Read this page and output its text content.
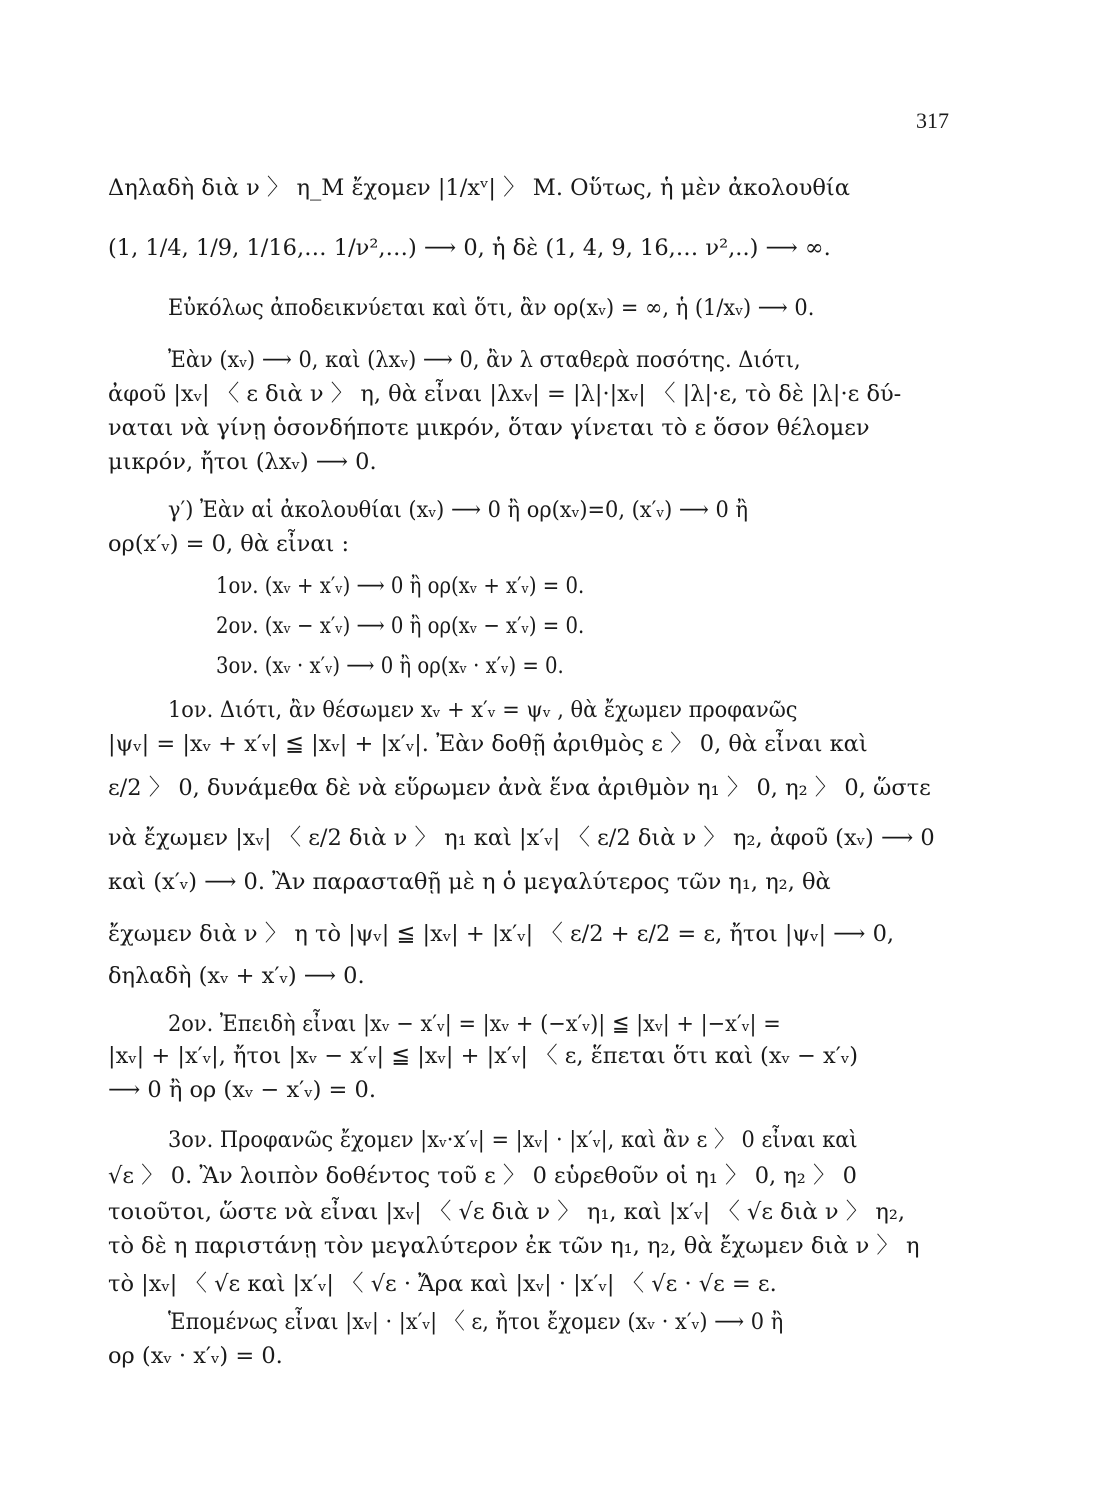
317
Δηλαδὴ διὰ ν 〉 η_M ἔχομεν |1/xᵛ| 〉 Μ. Οὕτως, ἡ μὲν ἀκολουθία
(1, 1/4, 1/9, 1/16,… 1/ν²,…) ⟶ 0, ἡ δὲ (1, 4, 9, 16,… ν²,..) ⟶ ∞.
Εὐκόλως ἀποδεικνύεται καὶ ὅτι, ἂν ορ(xᵥ) = ∞, ἡ (1/xᵥ) ⟶ 0.
Ἐὰν (xᵥ) ⟶ 0, καὶ (λxᵥ) ⟶ 0, ἂν λ σταθερὰ ποσότης. Διότι,
ἀφοῦ |xᵥ| 〈 ε διὰ ν 〉 η, θὰ εἶναι |λxᵥ| = |λ|·|xᵥ| 〈 |λ|·ε, τὸ δὲ |λ|·ε δύ-
ναται νὰ γίνῃ ὁσονδήποτε μικρόν, ὅταν γίνεται τὸ ε ὅσον θέλομεν
μικρόν, ἤτοι (λxᵥ) ⟶ 0.
γ′) Ἐὰν αἱ ἀκολουθίαι (xᵥ) ⟶ 0 ἢ ορ(xᵥ)=0, (x′ᵥ) ⟶ 0 ἢ
ορ(x′ᵥ) = 0, θὰ εἶναι :
1ον. (xᵥ + x′ᵥ) ⟶ 0 ἢ ορ(xᵥ + x′ᵥ) = 0.
2ον. (xᵥ − x′ᵥ) ⟶ 0 ἢ ορ(xᵥ − x′ᵥ) = 0.
3ον. (xᵥ · x′ᵥ) ⟶ 0 ἢ ορ(xᵥ · x′ᵥ) = 0.
1ον. Διότι, ἂν θέσωμεν xᵥ + x′ᵥ = ψᵥ , θὰ ἔχωμεν προφανῶς
|ψᵥ| = |xᵥ + x′ᵥ| ≦ |xᵥ| + |x′ᵥ|. Ἐὰν δοθῇ ἀριθμὸς ε 〉 0, θὰ εἶναι καὶ
ε/2 〉 0, δυνάμεθα δὲ νὰ εὕρωμεν ἀνὰ ἕνα ἀριθμὸν η₁ 〉 0, η₂ 〉 0, ὥστε
νὰ ἔχωμεν |xᵥ| 〈 ε/2 διὰ ν 〉 η₁ καὶ |x′ᵥ| 〈 ε/2 διὰ ν 〉 η₂, ἀφοῦ (xᵥ) ⟶ 0
καὶ (x′ᵥ) ⟶ 0. Ἂν παρασταθῇ μὲ η ὁ μεγαλύτερος τῶν η₁, η₂, θὰ
ἔχωμεν διὰ ν 〉 η τὸ |ψᵥ| ≦ |xᵥ| + |x′ᵥ| 〈 ε/2 + ε/2 = ε, ἤτοι |ψᵥ| ⟶ 0,
δηλαδὴ (xᵥ + x′ᵥ) ⟶ 0.
2ον. Ἐπειδὴ εἶναι |xᵥ − x′ᵥ| = |xᵥ + (−x′ᵥ)| ≦ |xᵥ| + |−x′ᵥ| =
|xᵥ| + |x′ᵥ|, ἤτοι |xᵥ − x′ᵥ| ≦ |xᵥ| + |x′ᵥ| 〈 ε, ἕπεται ὅτι καὶ (xᵥ − x′ᵥ)
⟶ 0 ἢ ορ (xᵥ − x′ᵥ) = 0.
3ον. Προφανῶς ἔχομεν |xᵥ·x′ᵥ| = |xᵥ| · |x′ᵥ|, καὶ ἂν ε 〉 0 εἶναι καὶ
√ε 〉 0. Ἂν λοιπὸν δοθέντος τοῦ ε 〉 0 εὑρεθοῦν οἱ η₁ 〉 0, η₂ 〉 0
τοιοῦτοι, ὥστε νὰ εἶναι |xᵥ| 〈 √ε διὰ ν 〉 η₁, καὶ |x′ᵥ| 〈 √ε διὰ ν 〉 η₂,
τὸ δὲ η παριστάνῃ τὸν μεγαλύτερον ἐκ τῶν η₁, η₂, θὰ ἔχωμεν διὰ ν 〉 η
τὸ |xᵥ| 〈 √ε καὶ |x′ᵥ| 〈 √ε · Ἄρα καὶ |xᵥ| · |x′ᵥ| 〈 √ε · √ε = ε.
Ἑπομένως εἶναι |xᵥ| · |x′ᵥ| 〈 ε, ἤτοι ἔχομεν (xᵥ · x′ᵥ) ⟶ 0 ἢ
ορ (xᵥ · x′ᵥ) = 0.
